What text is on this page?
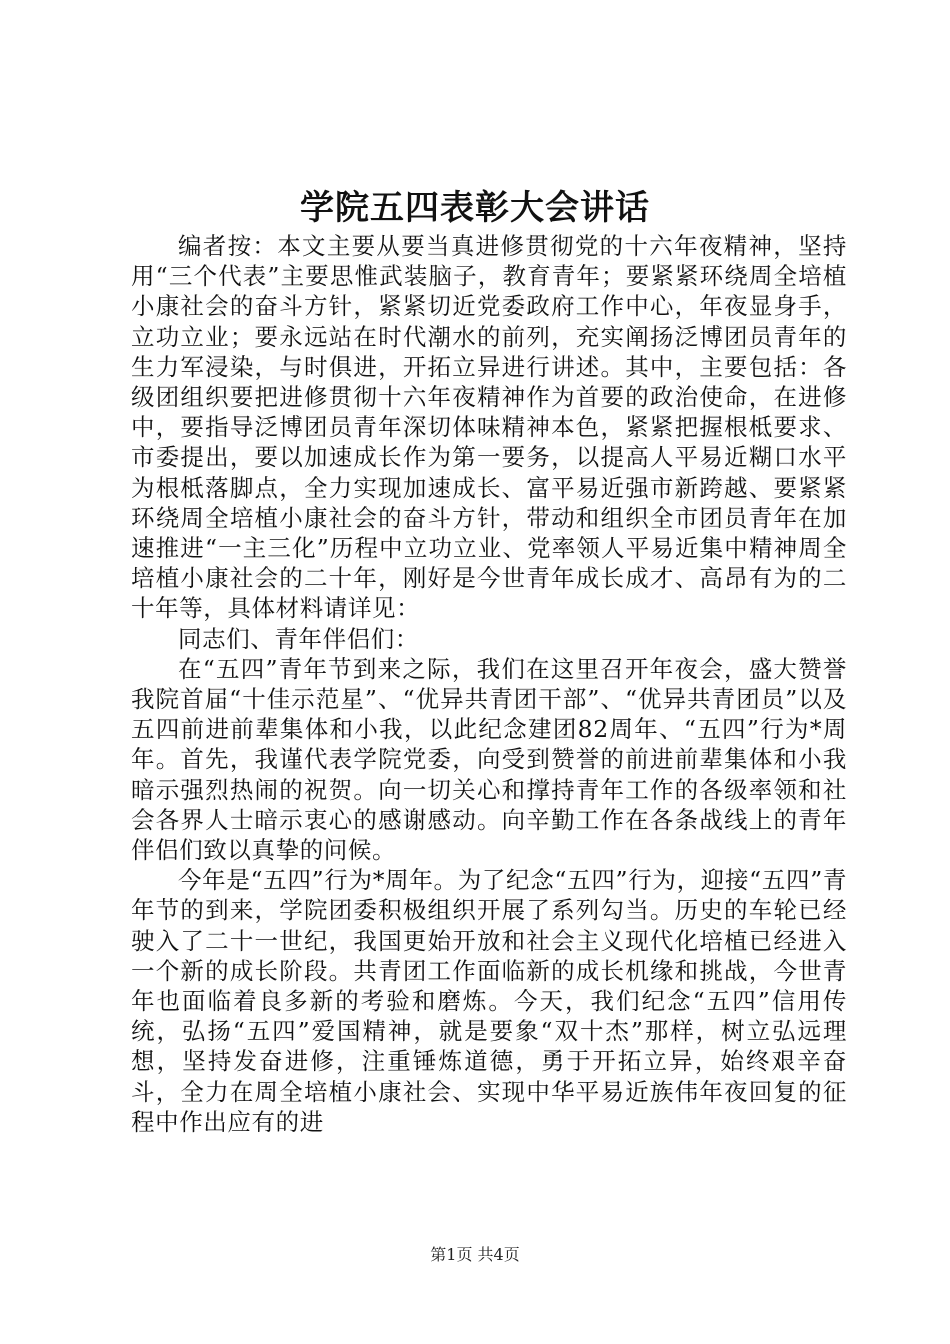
学院五四表彰大会讲话

编者按：本文主要从要当真进修贯彻党的十六年夜精神，坚持用“三个代表”主要思惟武装脑子，教育青年；要紧紧环绕周全培植小康社会的奋斗方针，紧紧切近党委政府工作中心，年夜显身手，立功立业；要永远站在时代潮水的前列，充实阐扬泛博团员青年的生力军浸染，与时俱进，开拓立异进行讲述。其中，主要包括：各级团组织要把进修贯彻十六年夜精神作为首要的政治使命，在进修中，要指导泛博团员青年深切体味精神本色，紧紧把握根柢要求、市委提出，要以加速成长作为第一要务，以提高人平易近糊口水平为根柢落脚点，全力实现加速成长、富平易近强市新跨越、要紧紧环绕周全培植小康社会的奋斗方针，带动和组织全市团员青年在加速推进“一主三化”历程中立功立业、党率领人平易近集中精神周全培植小康社会的二十年，刚好是今世青年成长成才、高昂有为的二十年等，具体材料请详见：

同志们、青年伴侣们：

在“五四”青年节到来之际，我们在这里召开年夜会，盛大赞誉我院首届“十佳示范星”、“优异共青团干部”、“优异共青团员”以及五四前进前辈集体和小我，以此纪念建团82周年、“五四”行为*周年。首先，我谨代表学院党委，向受到赞誉的前进前辈集体和小我暗示强烈热闹的祝贺。向一切关心和撑持青年工作的各级率领和社会各界人士暗示衷心的感谢感动。向辛勤工作在各条战线上的青年伴侣们致以真挚的问候。

今年是“五四”行为*周年。为了纪念“五四”行为，迎接“五四”青年节的到来，学院团委积极组织开展了系列勾当。历史的车轮已经驶入了二十一世纪，我国更始开放和社会主义现代化培植已经进入一个新的成长阶段。共青团工作面临新的成长机缘和挑战，今世青年也面临着良多新的考验和磨炼。今天，我们纪念“五四”信用传统，弘扬“五四”爱国精神，就是要象“双十杰”那样，树立弘远理想，坚持发奋进修，注重锤炼道德，勇于开拓立异，始终艰辛奋斗，全力在周全培植小康社会、实现中华平易近族伟年夜回复的征程中作出应有的进

第1页 共4页
